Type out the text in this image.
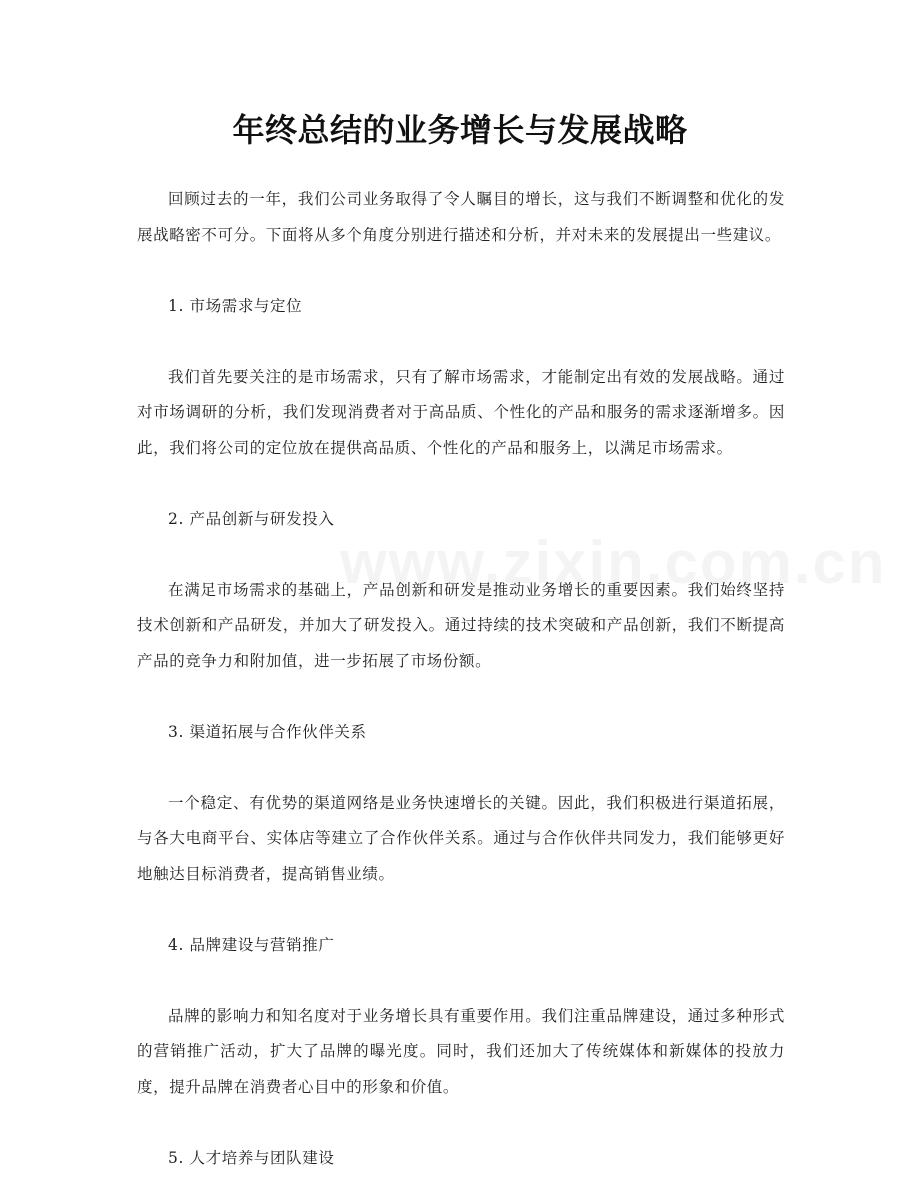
年终总结的业务增长与发展战略

回顾过去的一年，我们公司业务取得了令人瞩目的增长，这与我们不断调整和优化的发展战略密不可分。下面将从多个角度分别进行描述和分析，并对未来的发展提出一些建议。

1. 市场需求与定位

我们首先要关注的是市场需求，只有了解市场需求，才能制定出有效的发展战略。通过对市场调研的分析，我们发现消费者对于高品质、个性化的产品和服务的需求逐渐增多。因此，我们将公司的定位放在提供高品质、个性化的产品和服务上，以满足市场需求。

2. 产品创新与研发投入

在满足市场需求的基础上，产品创新和研发是推动业务增长的重要因素。我们始终坚持技术创新和产品研发，并加大了研发投入。通过持续的技术突破和产品创新，我们不断提高产品的竞争力和附加值，进一步拓展了市场份额。

3. 渠道拓展与合作伙伴关系

一个稳定、有优势的渠道网络是业务快速增长的关键。因此，我们积极进行渠道拓展，与各大电商平台、实体店等建立了合作伙伴关系。通过与合作伙伴共同发力，我们能够更好地触达目标消费者，提高销售业绩。

4. 品牌建设与营销推广

品牌的影响力和知名度对于业务增长具有重要作用。我们注重品牌建设，通过多种形式的营销推广活动，扩大了品牌的曝光度。同时，我们还加大了传统媒体和新媒体的投放力度，提升品牌在消费者心目中的形象和价值。

5. 人才培养与团队建设
